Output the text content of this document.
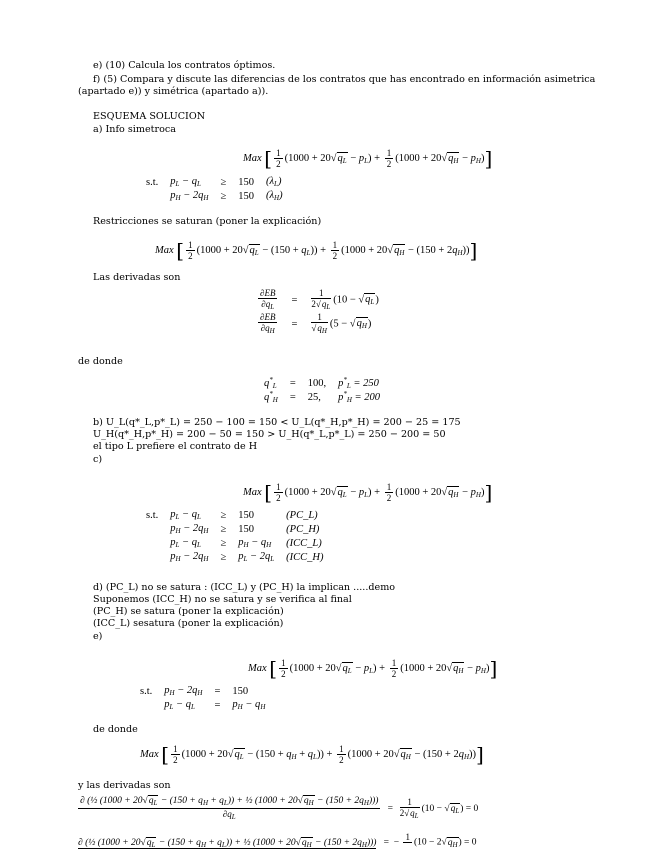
e) (10) Calcula los contratos óptimos.
f) (5) Compara y discute las diferencias de los contratos que has encontrado en información asimetrica
(apartado e)) y simétrica (apartado a)).
ESQUEMA SOLUCION
a) Info simetroca
Max [ $\frac{1}{2} (1000 + 20√q_L - p_L) + \frac{1}{2} (1000 + 20√q_H - p_H)$]
s.t.	$p_L - q_L$	≥	150	$(\lambda_L)$
	$p_H - 2q_H$	≥	150	$(\lambda_H)$
Restricciones se saturan (poner la explicación)
Max [ $\frac{1}{2} (1000 + 20√q_L - (150 + q_L)) + \frac{1}{2} (1000 + 20√q_H - (150 + 2q_H))$]
Las derivadas son
$\frac{\partial EB}{\partial q_L}$	=	$\frac{1}{2√q_L} (10 - √q_L)$

$\frac{\partial EB}{\partial q_H}$	=	$\frac{1}{√q_H} (5 - √q_H)$
de donde
$q^*_L$	=	100,	$p^*_L = 250$
$q^*_H$	=	25,	$p^*_H = 200$
b) U_L(q*_L,p*_L) = 250 − 100 = 150 < U_L(q*_H,p*_H) = 200 − 25 = 175
U_H(q*_H,p*_H) = 200 − 50 = 150 > U_H(q*_L,p*_L) = 250 − 200 = 50
el tipo L prefiere el contrato de H
c)
Max [ $\frac{1}{2} (1000 + 20√q_L - p_L) + \frac{1}{2} (1000 + 20√q_H - p_H)$]
s.t.	$p_L - q_L$	≥	150	(PC_L)
	$p_H - 2q_H$	≥	150	(PC_H)
	$p_L - q_L$	≥	$p_H - q_H$	(ICC_L)
	$p_H - 2q_H$	≥	$p_L - 2q_L$	(ICC_H)
d) (PC_L) no se satura : (ICC_L) y (PC_H) la implican .....demo
Suponemos (ICC_H) no se satura y se verifica al final
(PC_H) se satura (poner la explicación)
(ICC_L) sesatura (poner la explicación)
e)
Max [ $\frac{1}{2} (1000 + 20√q_L - p_L) + \frac{1}{2} (1000 + 20√q_H - p_H)$]
s.t.	$p_H - 2q_H$	=	150
	$p_L - q_L$	=	$p_H - q_H$
de donde
Max [ $\frac{1}{2} (1000 + 20√q_L - (150 + q_H + q_L)) + \frac{1}{2} (1000 + 20√q_H - (150 + 2q_H))$]
y las derivadas son
∂ (½ $(1000 + 20√q_L - (150 + q_H + q_L))$ + ½ $(1000 + 20√q_H - (150 + 2q_H))$)
$\partial q_L$
= $\frac{1}{2√q_L} (10 - √q_L) = 0$
∂ (½ $(1000 + 20√q_L - (150 + q_H + q_L))$ + ½ $(1000 + 20√q_H - (150 + 2q_H))$)   =  −
1

$(10 - 2√q_H) = 0$
